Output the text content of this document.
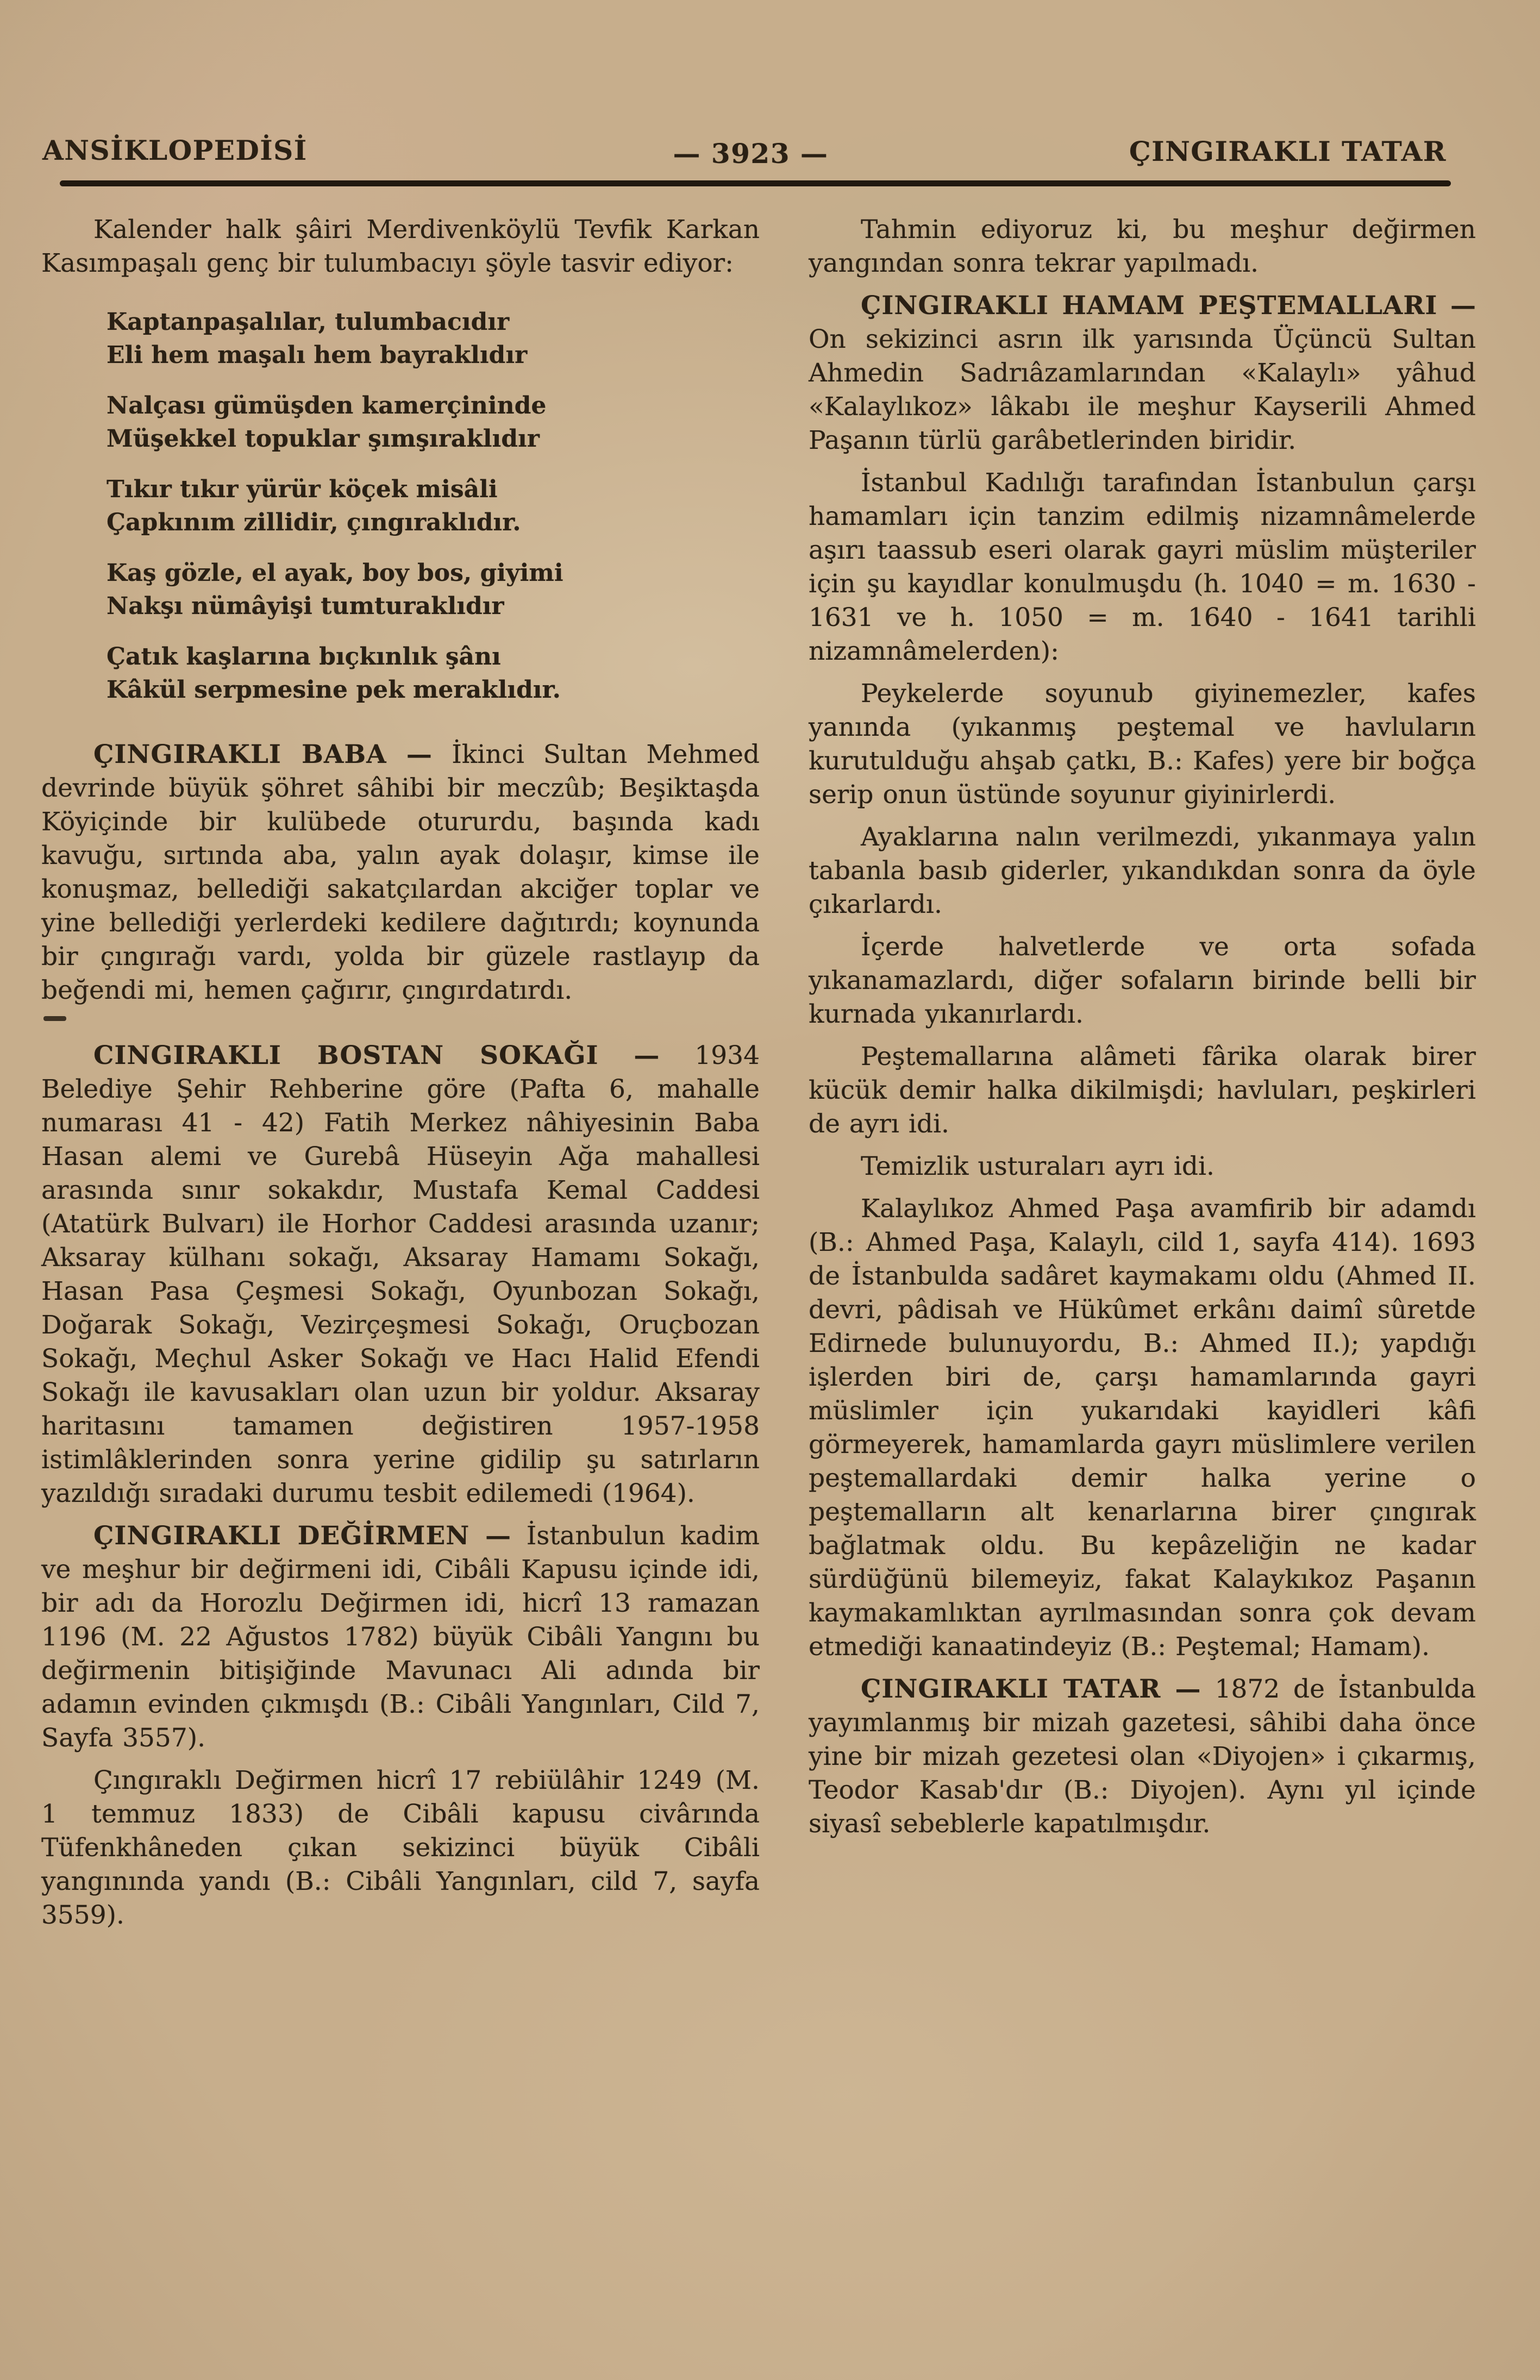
ANSİKLOPEDİSİ	— 3923 —	ÇINGIRAKLI TATAR

Kalender halk şâiri Merdivenköylü Tevfik Karkan Kasımpaşalı genç bir tulumbacıyı şöyle tasvir ediyor:

Kaptanpaşalılar, tulumbacıdır
Eli hem maşalı hem bayraklıdır
Nalçası gümüşden kamerçininde
Müşekkel topuklar şımşıraklıdır
Tıkır tıkır yürür köçek misâli
Çapkınım zillidir, çıngıraklıdır.
Kaş gözle, el ayak, boy bos, giyimi
Nakşı nümâyişi tumturaklıdır
Çatık kaşlarına bıçkınlık şânı
Kâkül serpmesine pek meraklıdır.

ÇINGIRAKLI BABA — İkinci Sultan Mehmed devrinde büyük şöhret sâhibi bir meczûb; Beşiktaşda Köyiçinde bir kulübede otururdu, başında kadı kavuğu, sırtında aba, yalın ayak dolaşır, kimse ile konuşmaz, bellediği sakatçılardan akciğer toplar ve yine bellediği yerlerdeki kedilere dağıtırdı; koynunda bir çıngırağı vardı, yolda bir güzele rastlayıp da beğendi mi, hemen çağırır, çıngırdatırdı.

CINGIRAKLI BOSTAN SOKAĞI — 1934 Belediye Şehir Rehberine göre (Pafta 6, mahalle numarası 41 - 42) Fatih Merkez nâhiyesinin Baba Hasan alemi ve Gurebâ Hüseyin Ağa mahallesi arasında sınır sokakdır, Mustafa Kemal Caddesi (Atatürk Bulvarı) ile Horhor Caddesi arasında uzanır; Aksaray külhanı sokağı, Aksaray Hamamı Sokağı, Hasan Pasa Çeşmesi Sokağı, Oyunbozan Sokağı, Doğarak Sokağı, Vezirçeşmesi Sokağı, Oruçbozan Sokağı, Meçhul Asker Sokağı ve Hacı Halid Efendi Sokağı ile kavusakları olan uzun bir yoldur. Aksaray haritasını tamamen değistiren 1957-1958 istimlâklerinden sonra yerine gidilip şu satırların yazıldığı sıradaki durumu tesbit edilemedi (1964).

ÇINGIRAKLI DEĞİRMEN — İstanbulun kadim ve meşhur bir değirmeni idi, Cibâli Kapusu içinde idi, bir adı da Horozlu Değirmen idi, hicrî 13 ramazan 1196 (M. 22 Ağustos 1782) büyük Cibâli Yangını bu değirmenin bitişiğinde Mavunacı Ali adında bir adamın evinden çıkmışdı (B.: Cibâli Yangınları, Cild 7, Sayfa 3557).

Çıngıraklı Değirmen hicrî 17 rebiülâhir 1249 (M. 1 temmuz 1833) de Cibâli kapusu civârında Tüfenkhâneden çıkan sekizinci büyük Cibâli yangınında yandı (B.: Cibâli Yangınları, cild 7, sayfa 3559).

Tahmin ediyoruz ki, bu meşhur değirmen yangından sonra tekrar yapılmadı.

ÇINGIRAKLI HAMAM PEŞTEMALLARI — On sekizinci asrın ilk yarısında Üçüncü Sultan Ahmedin Sadrıâzamlarından «Kalaylı» yâhud «Kalaylıkoz» lâkabı ile meşhur Kayserili Ahmed Paşanın türlü garâbetlerinden biridir.

İstanbul Kadılığı tarafından İstanbulun çarşı hamamları için tanzim edilmiş nizamnâmelerde aşırı taassub eseri olarak gayri müslim müşteriler için şu kayıdlar konulmuşdu (h. 1040 = m. 1630 - 1631 ve h. 1050 = m. 1640 - 1641 tarihli nizamnâmelerden):

Peykelerde soyunub giyinemezler, kafes yanında (yıkanmış peştemal ve havluların kurutulduğu ahşab çatkı, B.: Kafes) yere bir boğça serip onun üstünde soyunur giyinirlerdi.

Ayaklarına nalın verilmezdi, yıkanmaya yalın tabanla basıb giderler, yıkandıkdan sonra da öyle çıkarlardı.

İçerde halvetlerde ve orta sofada yıkanamazlardı, diğer sofaların birinde belli bir kurnada yıkanırlardı.

Peştemallarına alâmeti fârika olarak birer kücük demir halka dikilmişdi; havluları, peşkirleri de ayrı idi.

Temizlik usturaları ayrı idi.

Kalaylıkoz Ahmed Paşa avamfirib bir adamdı (B.: Ahmed Paşa, Kalaylı, cild 1, sayfa 414). 1693 de İstanbulda sadâret kaymakamı oldu (Ahmed II. devri, pâdisah ve Hükûmet erkânı daimî sûretde Edirnede bulunuyordu, B.: Ahmed II.); yapdığı işlerden biri de, çarşı hamamlarında gayri müslimler için yukarıdaki kayidleri kâfi görmeyerek, hamamlarda gayrı müslimlere verilen peştemallardaki demir halka yerine o peştemalların alt kenarlarına birer çıngırak bağlatmak oldu. Bu kepâzeliğin ne kadar sürdüğünü bilemeyiz, fakat Kalaykıkoz Paşanın kaymakamlıktan ayrılmasından sonra çok devam etmediği kanaatindeyiz (B.: Peştemal; Hamam).

ÇINGIRAKLI TATAR — 1872 de İstanbulda yayımlanmış bir mizah gazetesi, sâhibi daha önce yine bir mizah gezetesi olan «Diyojen» i çıkarmış, Teodor Kasab'dır (B.: Diyojen). Aynı yıl içinde siyasî sebeblerle kapatılmışdır.
